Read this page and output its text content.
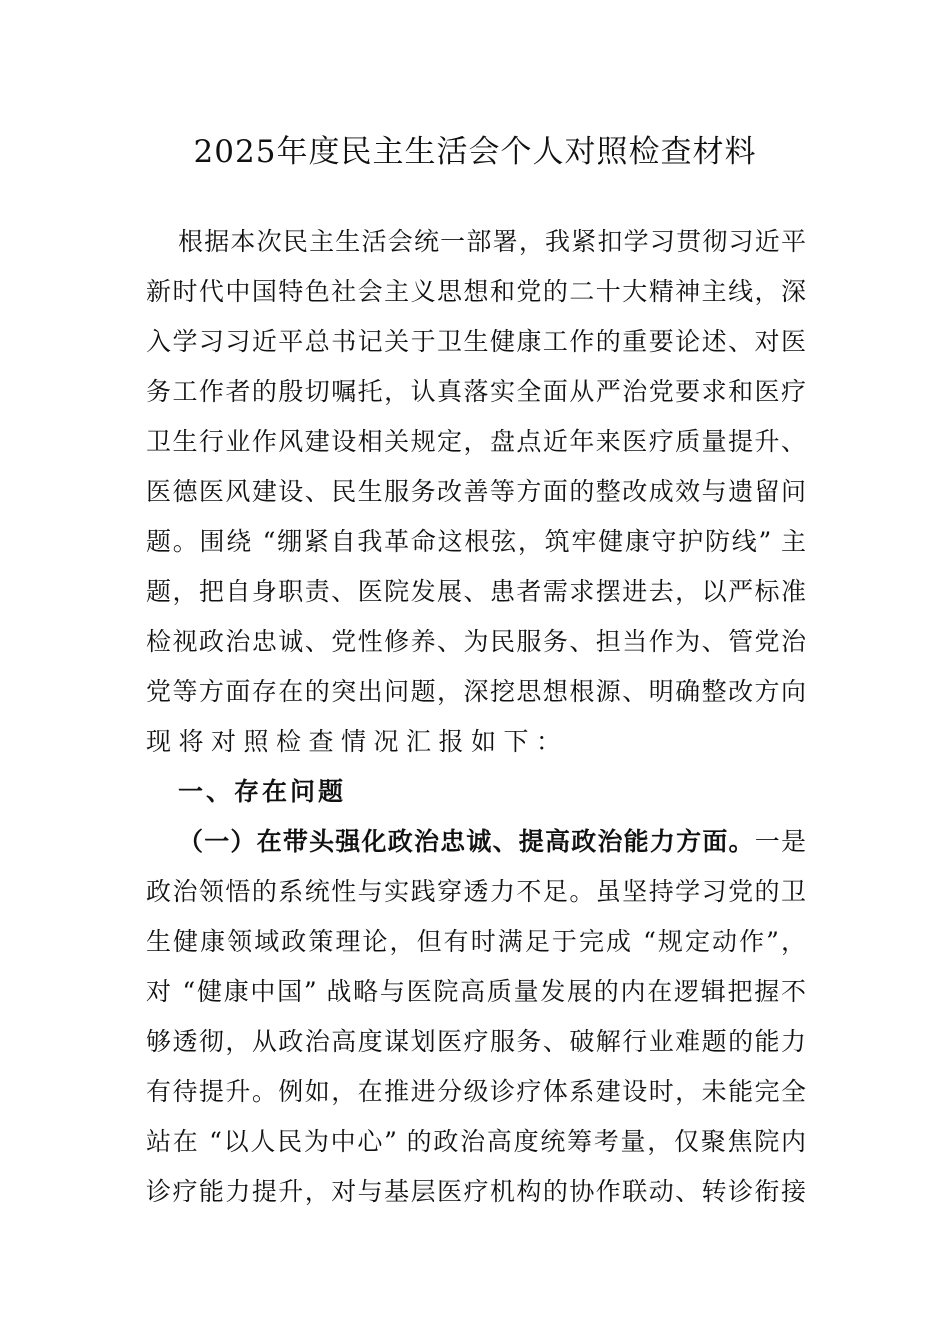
2025年度民主生活会个人对照检查材料
根据本次民主生活会统一部署，我紧扣学习贯彻习近平
新时代中国特色社会主义思想和党的二十大精神主线，深
入学习习近平总书记关于卫生健康工作的重要论述、对医
务工作者的殷切嘱托，认真落实全面从严治党要求和医疗
卫生行业作风建设相关规定，盘点近年来医疗质量提升、
医德医风建设、民生服务改善等方面的整改成效与遗留问
题。围绕 “绷紧自我革命这根弦，筑牢健康守护防线” 主
题，把自身职责、医院发展、患者需求摆进去，以严标准
检视政治忠诚、党性修养、为民服务、担当作为、管党治
党等方面存在的突出问题，深挖思想根源、明确整改方向
现将对照检查情况汇报如下：
一、存在问题
（一）在带头强化政治忠诚、提高政治能力方面。一是
政治领悟的系统性与实践穿透力不足。虽坚持学习党的卫
生健康领域政策理论，但有时满足于完成 “规定动作”，
对 “健康中国” 战略与医院高质量发展的内在逻辑把握不
够透彻，从政治高度谋划医疗服务、破解行业难题的能力
有待提升。例如，在推进分级诊疗体系建设时，未能完全
站在 “以人民为中心” 的政治高度统筹考量，仅聚焦院内
诊疗能力提升，对与基层医疗机构的协作联动、转诊衔接
